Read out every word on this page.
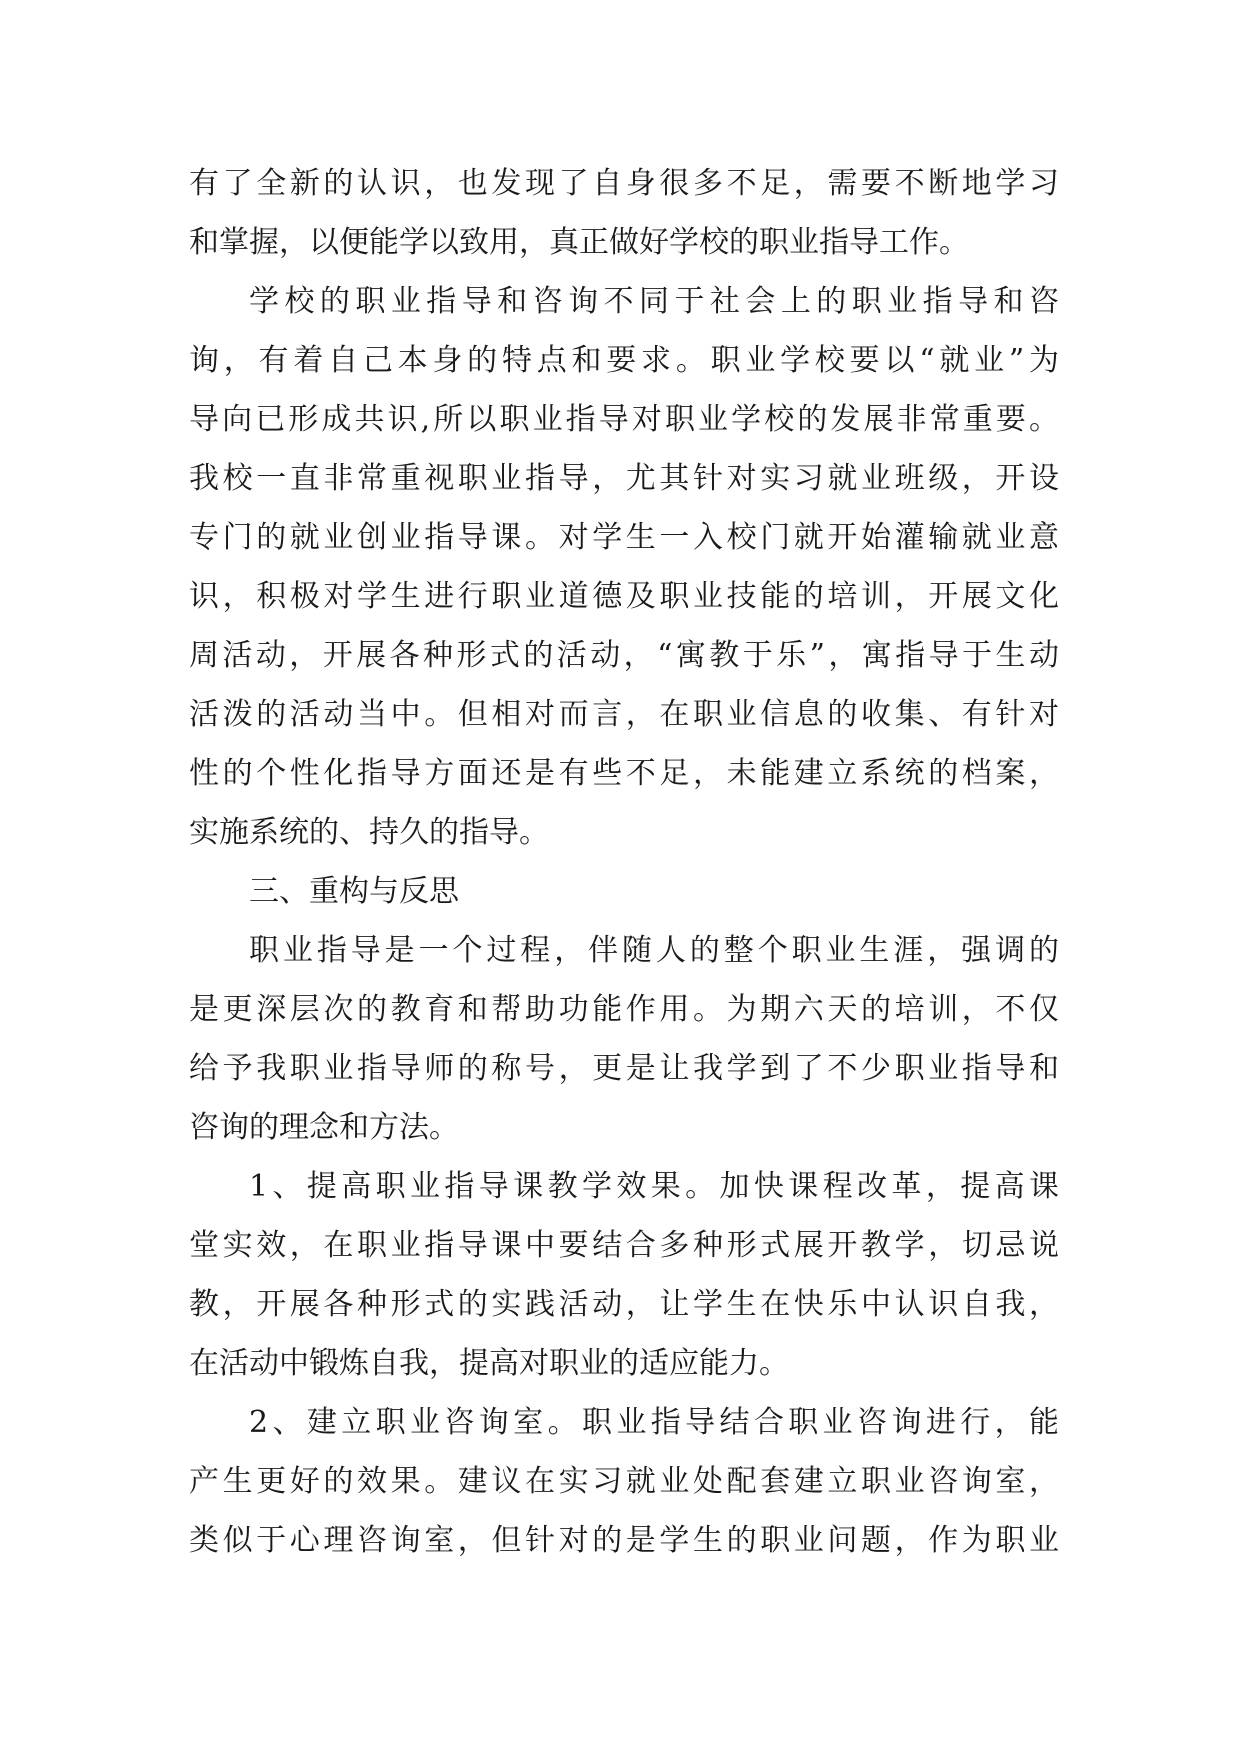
有了全新的认识，也发现了自身很多不足，需要不断地学习
和掌握，以便能学以致用，真正做好学校的职业指导工作。
学校的职业指导和咨询不同于社会上的职业指导和咨
询，有着自己本身的特点和要求。职业学校要以“就业”为
导向已形成共识,所以职业指导对职业学校的发展非常重要。
我校一直非常重视职业指导，尤其针对实习就业班级，开设
专门的就业创业指导课。对学生一入校门就开始灌输就业意
识，积极对学生进行职业道德及职业技能的培训，开展文化
周活动，开展各种形式的活动，“寓教于乐”，寓指导于生动
活泼的活动当中。但相对而言，在职业信息的收集、有针对
性的个性化指导方面还是有些不足，未能建立系统的档案，
实施系统的、持久的指导。
三、重构与反思
职业指导是一个过程，伴随人的整个职业生涯，强调的
是更深层次的教育和帮助功能作用。为期六天的培训，不仅
给予我职业指导师的称号，更是让我学到了不少职业指导和
咨询的理念和方法。
1、提高职业指导课教学效果。加快课程改革，提高课
堂实效，在职业指导课中要结合多种形式展开教学，切忌说
教，开展各种形式的实践活动，让学生在快乐中认识自我，
在活动中锻炼自我，提高对职业的适应能力。
2、建立职业咨询室。职业指导结合职业咨询进行，能
产生更好的效果。建议在实习就业处配套建立职业咨询室，
类似于心理咨询室，但针对的是学生的职业问题，作为职业
